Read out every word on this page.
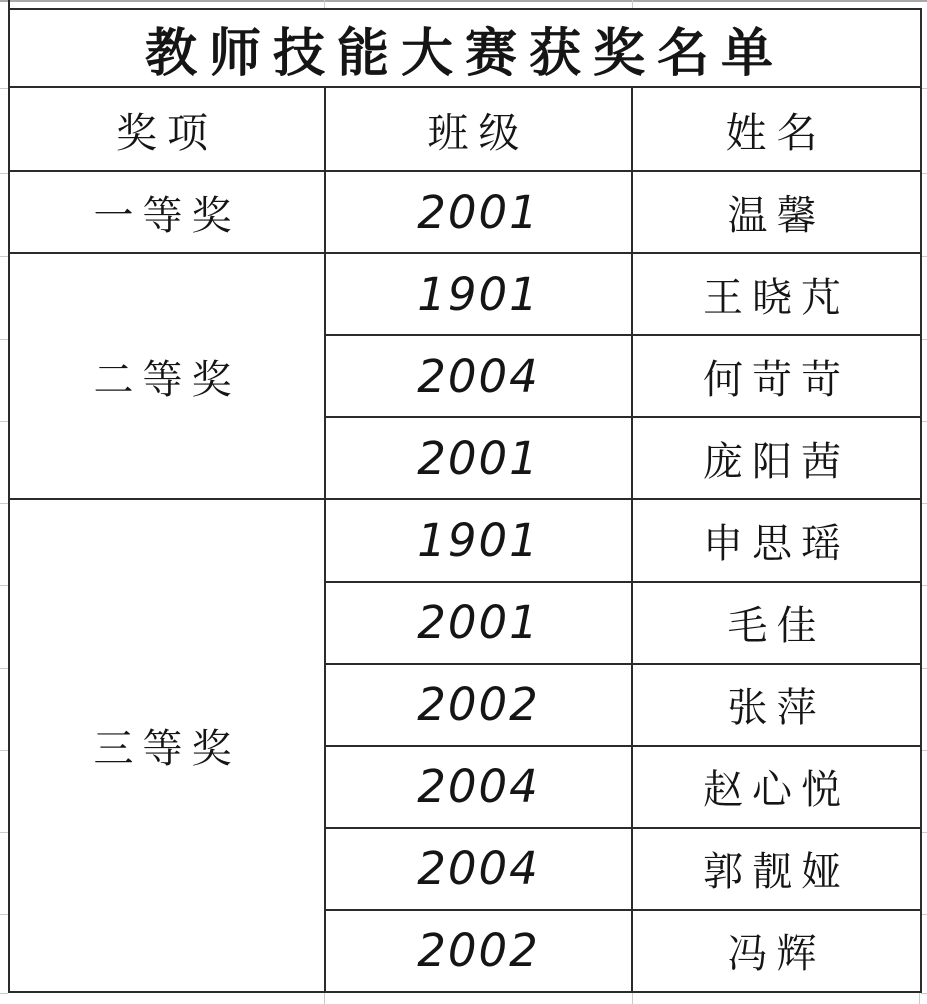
教师技能大赛获奖名单		
奖项	班级	姓名
一等奖	2001	温馨
二等奖	1901	王晓芃
	2004	何苛苛
	2001	庞阳茜
三等奖	1901	申思瑶
	2001	毛佳
	2002	张萍
	2004	赵心悦
	2004	郭靓娅
	2002	冯辉
